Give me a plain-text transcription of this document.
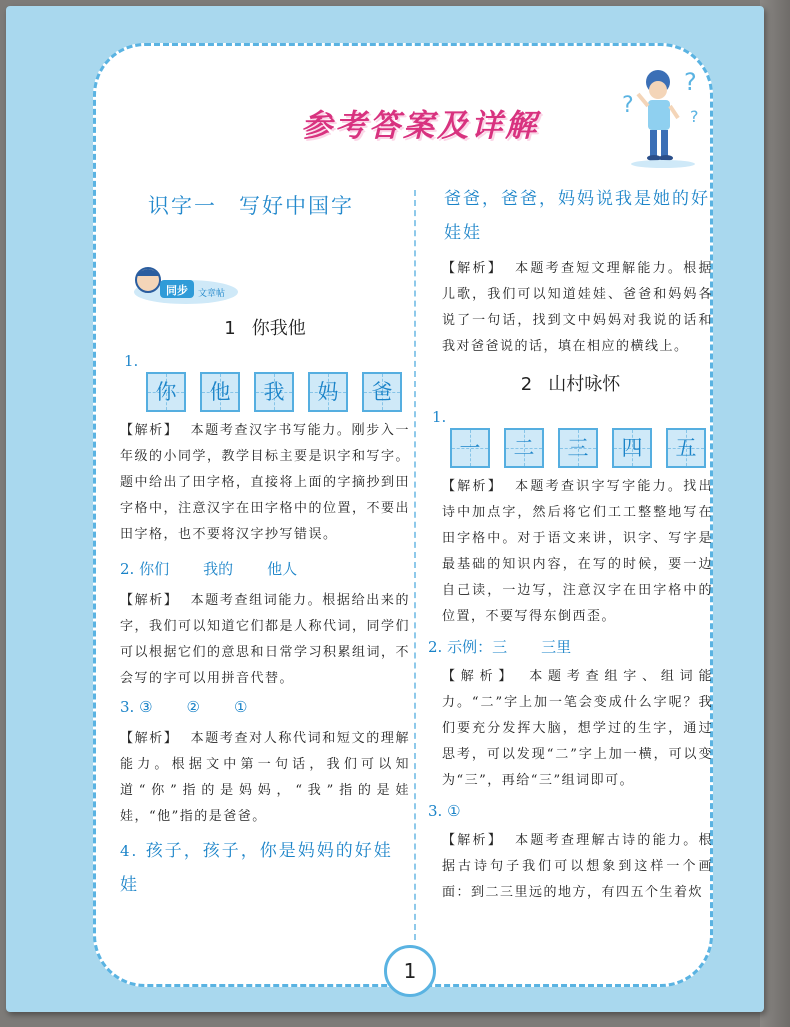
参考答案及详解
?
?
?
识字一 写好中国字
同步 文章帖
1 你我他
1.
你	他	我	妈	爸
【解析】 本题考查汉字书写能力。刚步入一年级的小同学，教学目标主要是识字和写字。题中给出了田字格，直接将上面的字摘抄到田字格中，注意汉字在田字格中的位置，不要出田字格，也不要将汉字抄写错误。
2. 你们 我的 他人
【解析】 本题考查组词能力。根据给出来的字，我们可以知道它们都是人称代词，同学们可以根据它们的意思和日常学习积累组词，不会写的字可以用拼音代替。
3. ③ ② ①
【解析】 本题考查对人称代词和短文的理解能力。根据文中第一句话，我们可以知道“你”指的是妈妈，“我”指的是娃娃，“他”指的是爸爸。
4. 孩子，孩子，你是妈妈的好娃娃
爸爸，爸爸，妈妈说我是她的好娃娃
【解析】 本题考查短文理解能力。根据儿歌，我们可以知道娃娃、爸爸和妈妈各说了一句话，找到文中妈妈对我说的话和我对爸爸说的话，填在相应的横线上。
2 山村咏怀
1.
一	二	三	四	五
【解析】 本题考查识字写字能力。找出诗中加点字，然后将它们工工整整地写在田字格中。对于语文来讲，识字、写字是最基础的知识内容，在写的时候，要一边自己读，一边写，注意汉字在田字格中的位置，不要写得东倒西歪。
2. 示例：三 三里
【解析】 本题考查组字、组词能力。“二”字上加一笔会变成什么字呢？我们要充分发挥大脑，想学过的生字，通过思考，可以发现“二”字上加一横，可以变为“三”，再给“三”组词即可。
3. ①
【解析】 本题考查理解古诗的能力。根据古诗句子我们可以想象到这样一个画面：到二三里远的地方，有四五个生着炊
1
